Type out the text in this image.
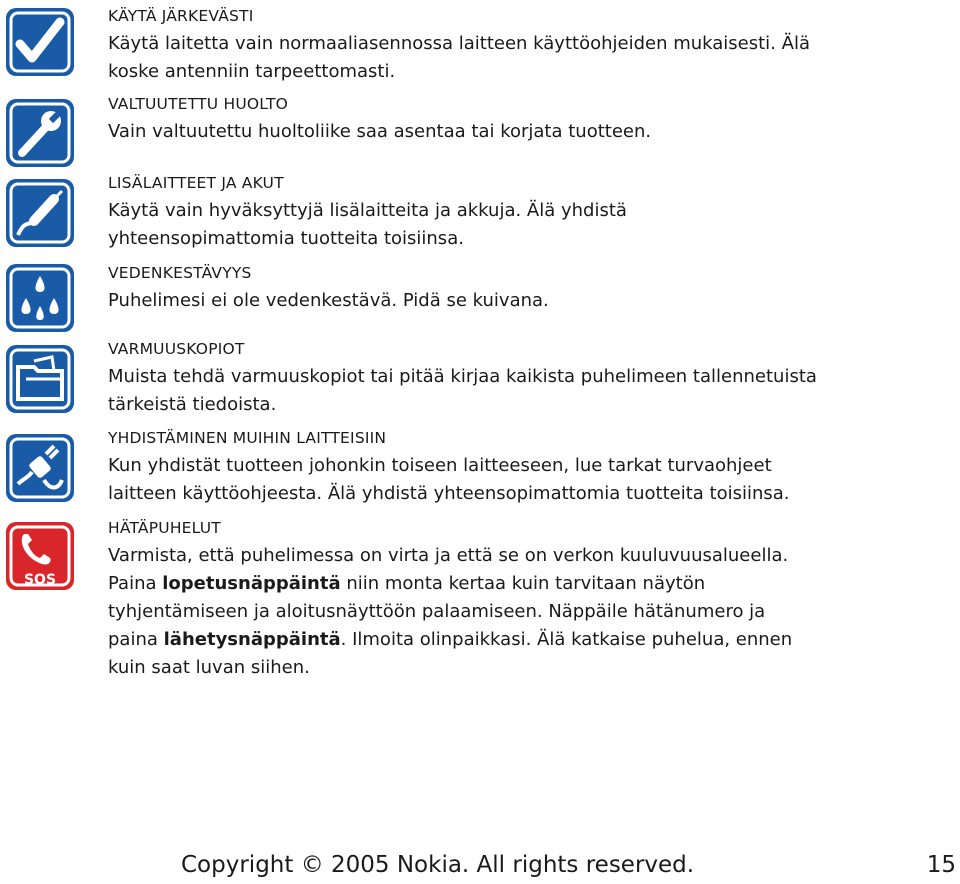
SOS
KÄYTÄ JÄRKEVÄSTI

Käytä laitetta vain normaaliasennossa laitteen käyttöohjeiden mukaisesti. Älä koske antenniin tarpeettomasti.

VALTUUTETTU HUOLTO

Vain valtuutettu huoltoliike saa asentaa tai korjata tuotteen.

LISÄLAITTEET JA AKUT

Käytä vain hyväksyttyjä lisälaitteita ja akkuja. Älä yhdistä yhteensopimattomia tuotteita toisiinsa.

VEDENKESTÄVYYS

Puhelimesi ei ole vedenkestävä. Pidä se kuivana.

VARMUUSKOPIOT

Muista tehdä varmuuskopiot tai pitää kirjaa kaikista puhelimeen tallennetuista tärkeistä tiedoista.

YHDISTÄMINEN MUIHIN LAITTEISIIN

Kun yhdistät tuotteen johonkin toiseen laitteeseen, lue tarkat turvaohjeet laitteen käyttöohjeesta. Älä yhdistä yhteensopimattomia tuotteita toisiinsa.

HÄTÄPUHELUT

Varmista, että puhelimessa on virta ja että se on verkon kuuluvuusalueella. Paina lopetusnäppäintä niin monta kertaa kuin tarvitaan näytön tyhjentämiseen ja aloitusnäyttöön palaamiseen. Näppäile hätänumero ja paina lähetysnäppäintä. Ilmoita olinpaikkasi. Älä katkaise puhelua, ennen kuin saat luvan siihen.

Copyright © 2005 Nokia. All rights reserved.	15
